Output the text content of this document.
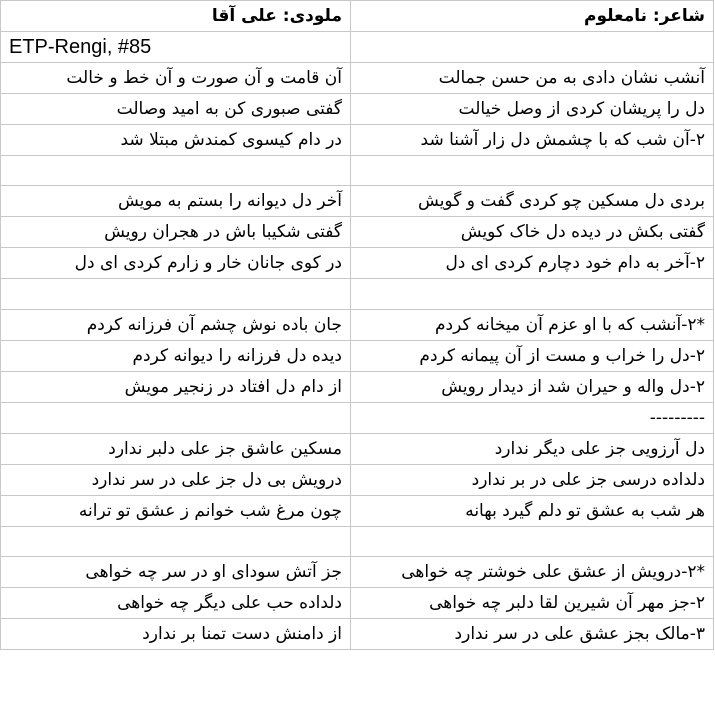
ملودی: علی آقا	شاعر: نامعلوم
ETP-Rengi, #85	
آن قامت و آن صورت و آن خط و خالت	آنشب نشان دادی به من حسن جمالت
گفتی صبوری کن به امید وصالت	دل را پریشان کردی از وصل خیالت
در دام کیسوی کمندش مبتلا شد	۲-آن شب که با چشمش دل زار آشنا شد

آخر دل دیوانه را بستم به مویش	بردی دل مسکین چو کردی گفت و گویش
گفتی شکیبا باش در هجران رویش	گفتی بکش در دیده دل خاک کویش
در کوی جانان خار و زارم کردی ای دل	۲-آخر به دام خود دچارم کردی ای دل

جان باده نوش چشم آن فرزانه کردم	*۲-آنشب که با او عزم آن میخانه کردم
دیده دل فرزانه را دیوانه کردم	۲-دل را خراب و مست از آن پیمانه کردم
از دام دل افتاد در زنجیر مویش	۲-دل واله و حیران شد از دیدار رویش
	---------
مسکین عاشق جز علی دلبر ندارد	دل آرزویی جز علی دیگر ندارد
درویش بی دل جز علی در سر ندارد	دلداده درسی جز علی در بر ندارد
چون مرغ شب خوانم ز عشق تو ترانه	هر شب به عشق تو دلم گیرد بهانه

جز آتش سودای او در سر چه خواهی	*۲-درویش از عشق علی خوشتر چه خواهی
دلداده حب علی دیگر چه خواهی	۲-جز مهر آن شیرین لقا دلبر چه خواهی
از دامنش دست تمنا بر ندارد	۳-مالک بجز عشق علی در سر ندارد
